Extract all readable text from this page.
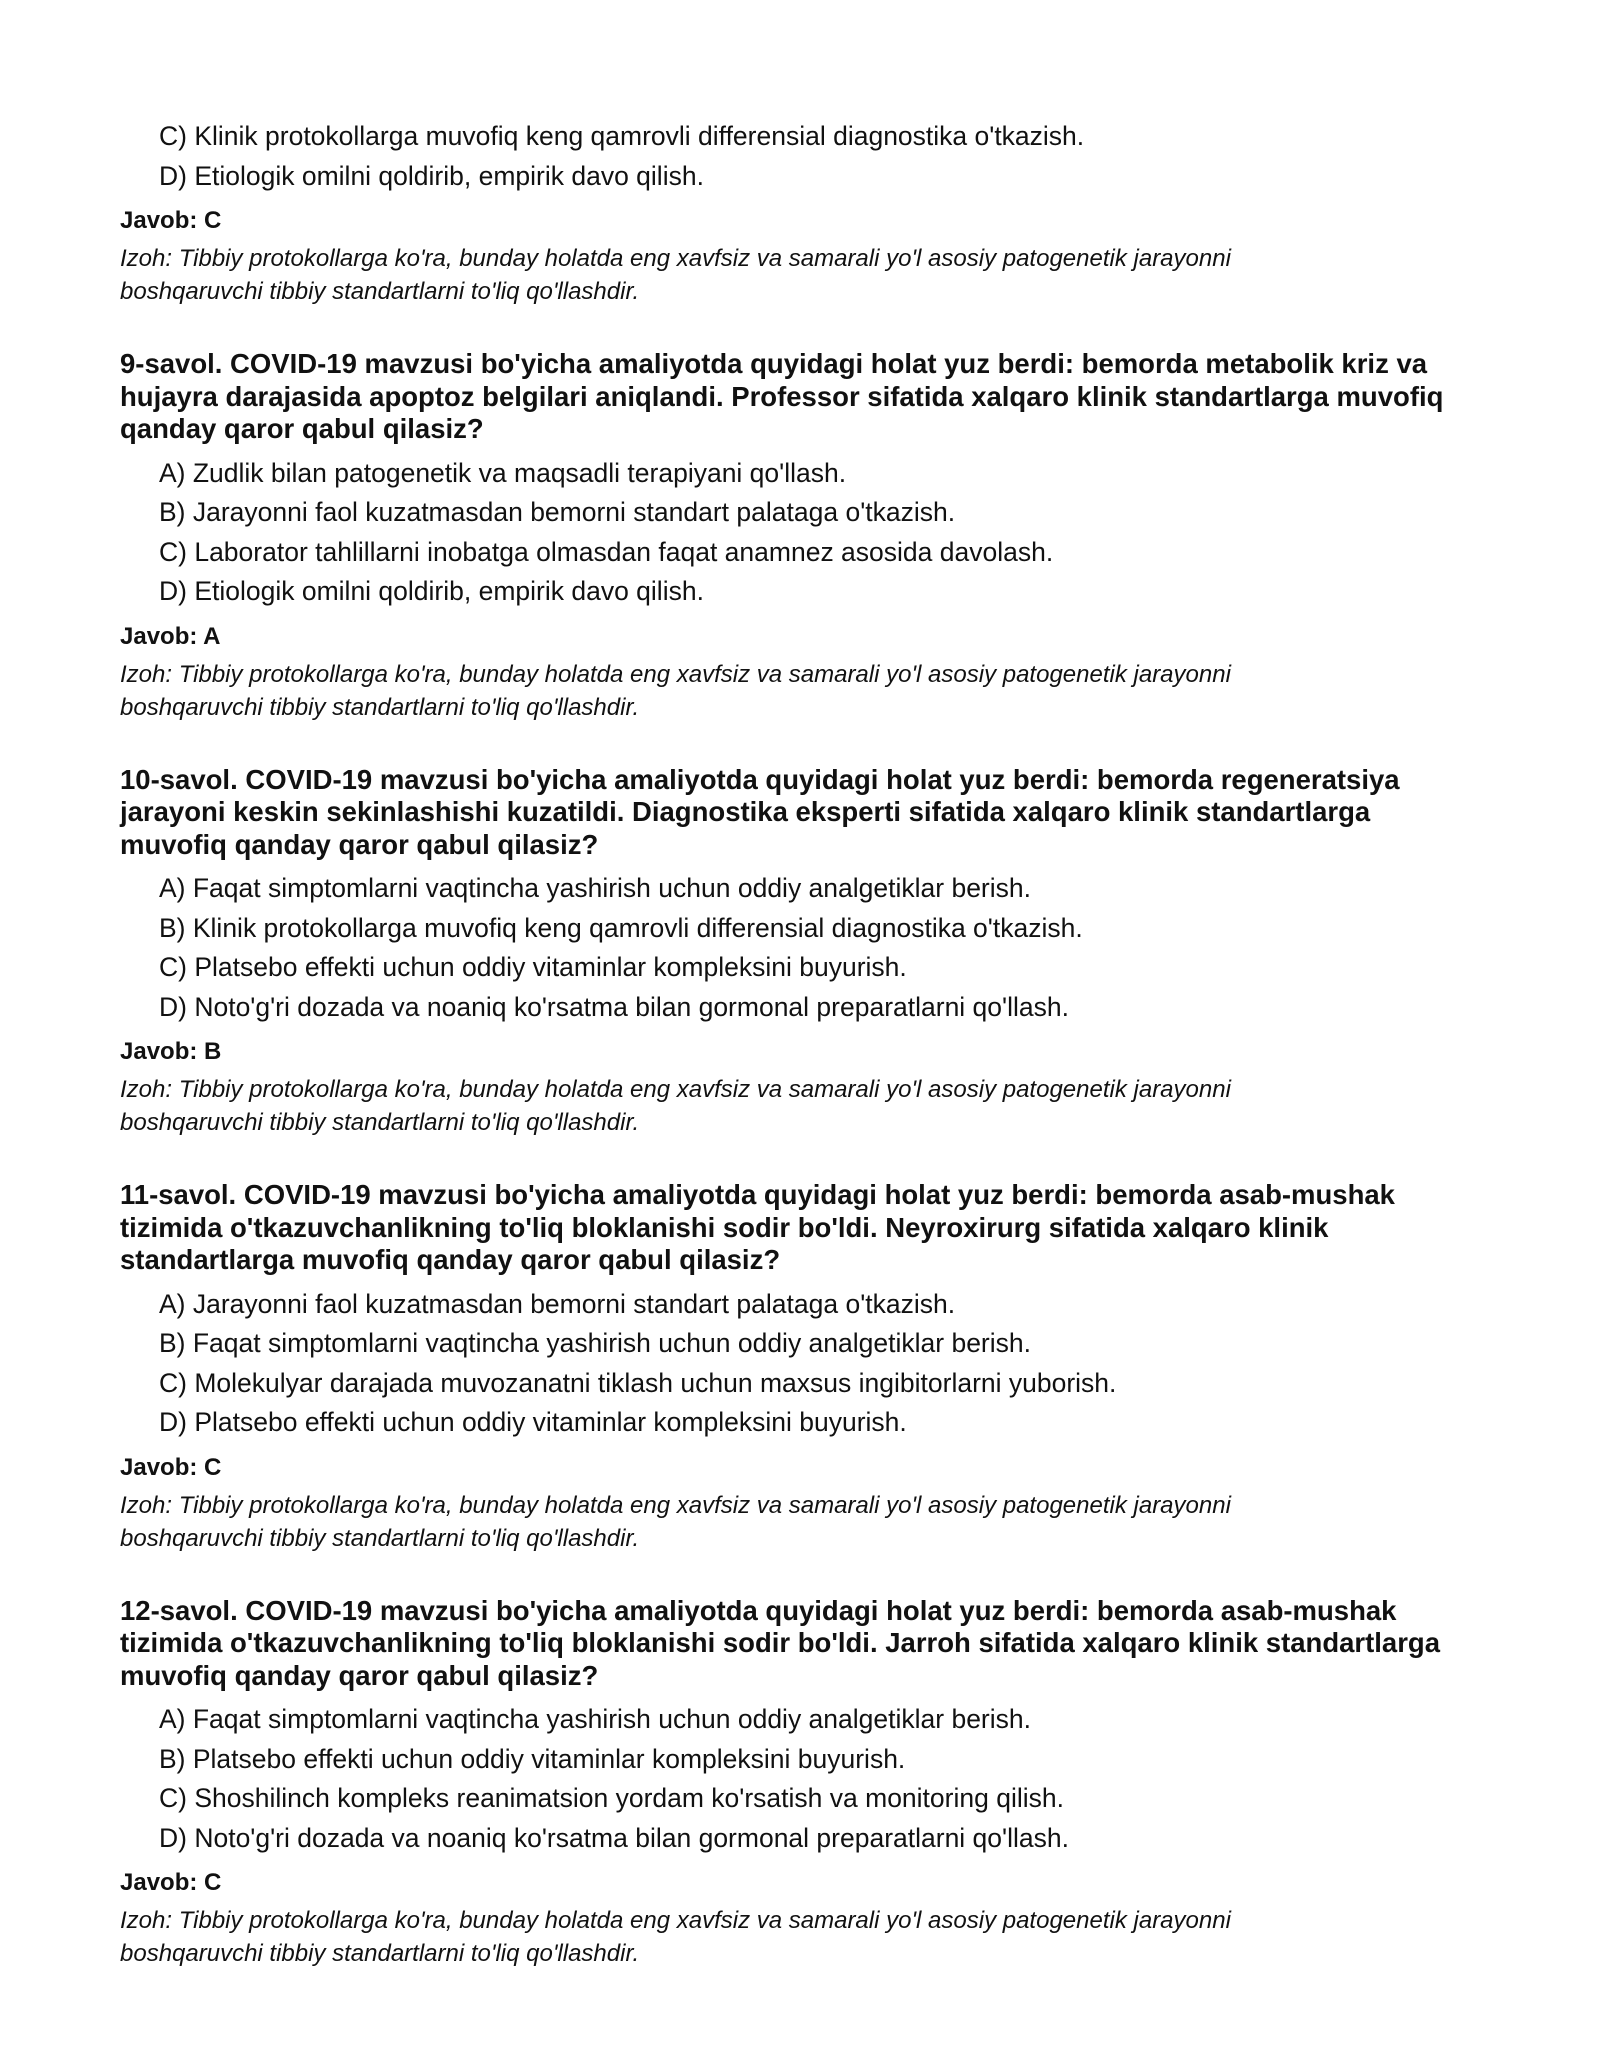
C) Klinik protokollarga muvofiq keng qamrovli differensial diagnostika o'tkazish.
D) Etiologik omilni qoldirib, empirik davo qilish.
Javob: C
Izoh: Tibbiy protokollarga ko'ra, bunday holatda eng xavfsiz va samarali yo'l asosiy patogenetik jarayonni boshqaruvchi tibbiy standartlarni to'liq qo'llashdir.
9-savol. COVID-19 mavzusi bo'yicha amaliyotda quyidagi holat yuz berdi: bemorda metabolik kriz va hujayra darajasida apoptoz belgilari aniqlandi. Professor sifatida xalqaro klinik standartlarga muvofiq qanday qaror qabul qilasiz?
A) Zudlik bilan patogenetik va maqsadli terapiyani qo'llash.
B) Jarayonni faol kuzatmasdan bemorni standart palataga o'tkazish.
C) Laborator tahlillarni inobatga olmasdan faqat anamnez asosida davolash.
D) Etiologik omilni qoldirib, empirik davo qilish.
Javob: A
Izoh: Tibbiy protokollarga ko'ra, bunday holatda eng xavfsiz va samarali yo'l asosiy patogenetik jarayonni boshqaruvchi tibbiy standartlarni to'liq qo'llashdir.
10-savol. COVID-19 mavzusi bo'yicha amaliyotda quyidagi holat yuz berdi: bemorda regeneratsiya jarayoni keskin sekinlashishi kuzatildi. Diagnostika eksperti sifatida xalqaro klinik standartlarga muvofiq qanday qaror qabul qilasiz?
A) Faqat simptomlarni vaqtincha yashirish uchun oddiy analgetiklar berish.
B) Klinik protokollarga muvofiq keng qamrovli differensial diagnostika o'tkazish.
C) Platsebo effekti uchun oddiy vitaminlar kompleksini buyurish.
D) Noto'g'ri dozada va noaniq ko'rsatma bilan gormonal preparatlarni qo'llash.
Javob: B
Izoh: Tibbiy protokollarga ko'ra, bunday holatda eng xavfsiz va samarali yo'l asosiy patogenetik jarayonni boshqaruvchi tibbiy standartlarni to'liq qo'llashdir.
11-savol. COVID-19 mavzusi bo'yicha amaliyotda quyidagi holat yuz berdi: bemorda asab-mushak tizimida o'tkazuvchanlikning to'liq bloklanishi sodir bo'ldi. Neyroxirurg sifatida xalqaro klinik standartlarga muvofiq qanday qaror qabul qilasiz?
A) Jarayonni faol kuzatmasdan bemorni standart palataga o'tkazish.
B) Faqat simptomlarni vaqtincha yashirish uchun oddiy analgetiklar berish.
C) Molekulyar darajada muvozanatni tiklash uchun maxsus ingibitorlarni yuborish.
D) Platsebo effekti uchun oddiy vitaminlar kompleksini buyurish.
Javob: C
Izoh: Tibbiy protokollarga ko'ra, bunday holatda eng xavfsiz va samarali yo'l asosiy patogenetik jarayonni boshqaruvchi tibbiy standartlarni to'liq qo'llashdir.
12-savol. COVID-19 mavzusi bo'yicha amaliyotda quyidagi holat yuz berdi: bemorda asab-mushak tizimida o'tkazuvchanlikning to'liq bloklanishi sodir bo'ldi. Jarroh sifatida xalqaro klinik standartlarga muvofiq qanday qaror qabul qilasiz?
A) Faqat simptomlarni vaqtincha yashirish uchun oddiy analgetiklar berish.
B) Platsebo effekti uchun oddiy vitaminlar kompleksini buyurish.
C) Shoshilinch kompleks reanimatsion yordam ko'rsatish va monitoring qilish.
D) Noto'g'ri dozada va noaniq ko'rsatma bilan gormonal preparatlarni qo'llash.
Javob: C
Izoh: Tibbiy protokollarga ko'ra, bunday holatda eng xavfsiz va samarali yo'l asosiy patogenetik jarayonni boshqaruvchi tibbiy standartlarni to'liq qo'llashdir.
